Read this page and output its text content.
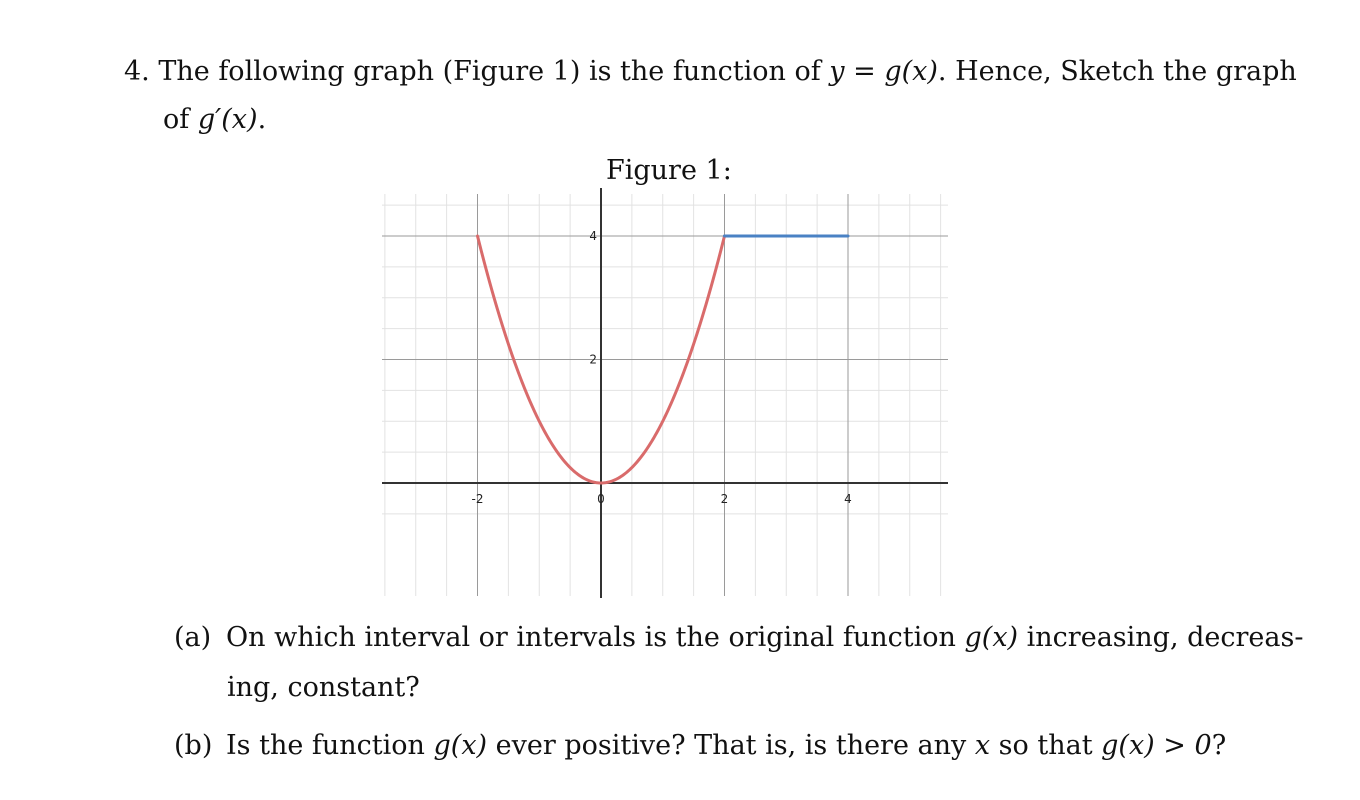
4. The following graph (Figure 1) is the function of y = g(x). Hence, Sketch the graph
of g′(x).
Figure 1:
-2	0	2	4
2
4
(a) On which interval or intervals is the original function g(x) increasing, decreas-
ing, constant?
(b) Is the function g(x) ever positive? That is, is there any x so that g(x) > 0?
